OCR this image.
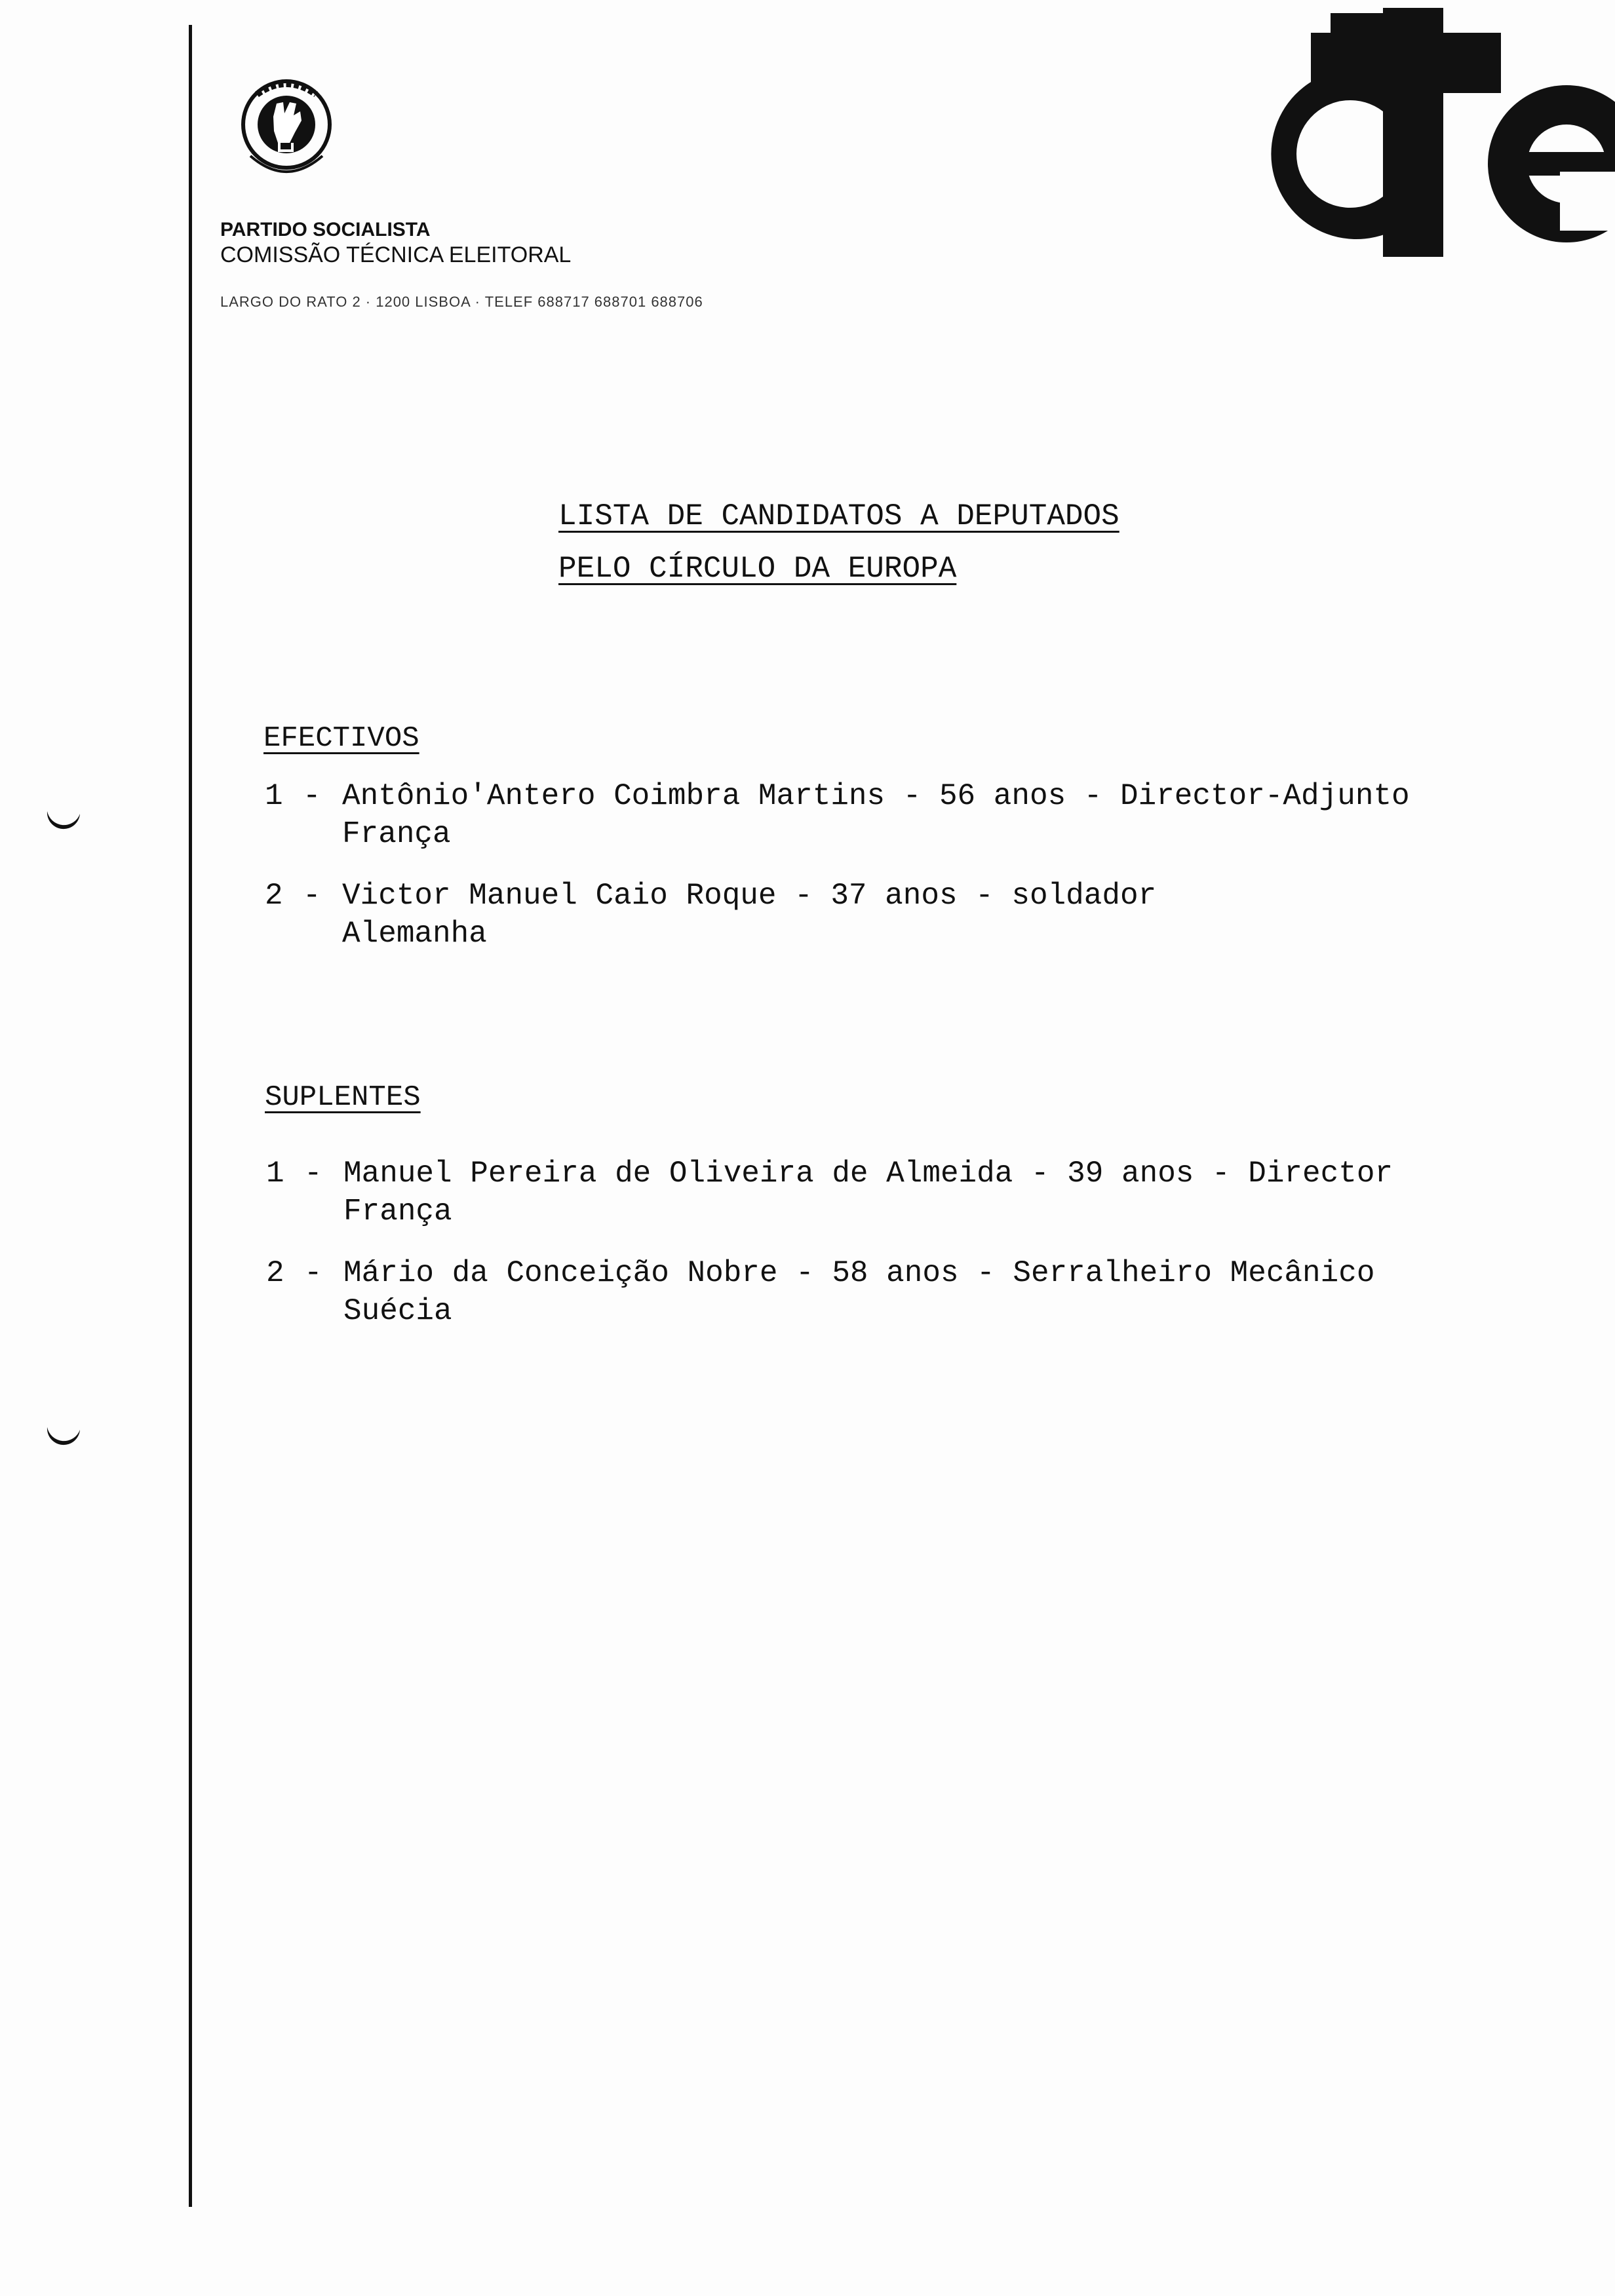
PARTIDO SOCIALISTA
COMISSÃO TÉCNICA ELEITORAL
LARGO DO RATO 2 · 1200 LISBOA · TELEF 688717 688701 688706
LISTA DE CANDIDATOS A DEPUTADOS
PELO CÍRCULO DA EUROPA
EFECTIVOS

1

-

Antônio'Antero Coimbra Martins - 56 anos - Director-Adjunto

França

2

-

Victor Manuel Caio Roque - 37 anos - soldador

Alemanha

SUPLENTES

1

-

Manuel Pereira de Oliveira de Almeida - 39 anos - Director

França

2

-

Mário da Conceição Nobre - 58 anos - Serralheiro Mecânico

Suécia
